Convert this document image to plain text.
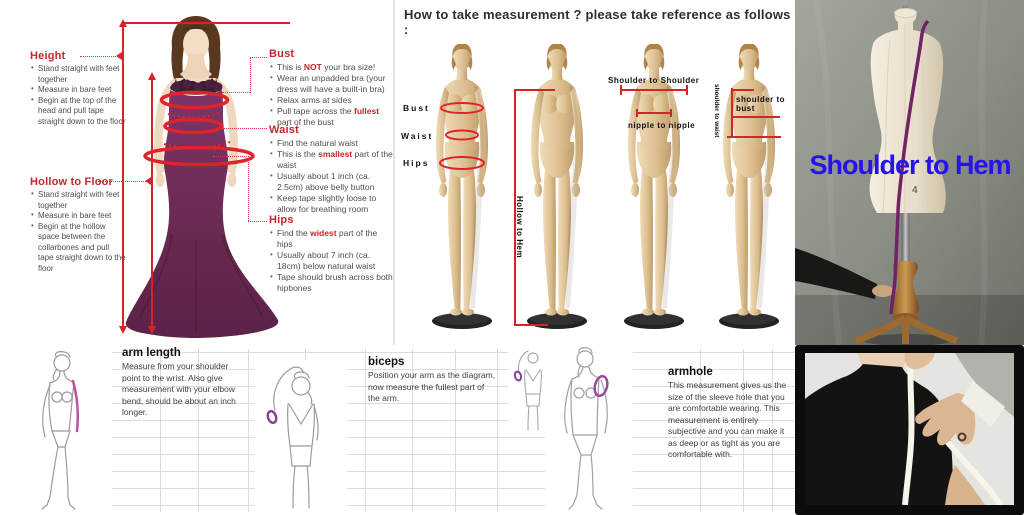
Height
• Stand straight with feet together
• Measure in bare feet
• Begin at the top of the head and pull tape straight down to the floor
Hollow to Floor
• Stand straight with feet together
• Measure in bare feet
• Begin at the hollow space between the collarbones and pull tape straight down to the floor
Bust
• This is NOT your bra size!
• Wear an unpadded bra (your dress will have a built-in bra)
• Relax arms at sides
• Pull tape across the fullest part of the bust
Waist
• Find the natural waist
• This is the smallest part of the waist
• Usually about 1 inch (ca. 2.5cm) above belly button
• Keep tape slightly loose to allow for breathing room
Hips
• Find the widest part of the hips
• Usually about 7 inch (ca. 18cm) below natural waist
• Tape should brush across both hipbones
How to take measurement ? please take reference as follows :
Bust
Waist
Hips
Hollow to Hem
Shoulder to Shoulder
nipple to nipple
shoulder to bust
shoulder to waist
4
Shoulder to Hem
arm length

Measure from your shoulder point to the wrist. Also give measurement with your elbow bend, should be about an inch longer.

biceps

Position your arm as the diagram, now measure the fullest part of the arm.

armhole

This measurement gives us the size of the sleeve hole that you are comfortable wearing. This measurement is entirely subjective and you can make it as deep or as tight as you are comfortable with.
